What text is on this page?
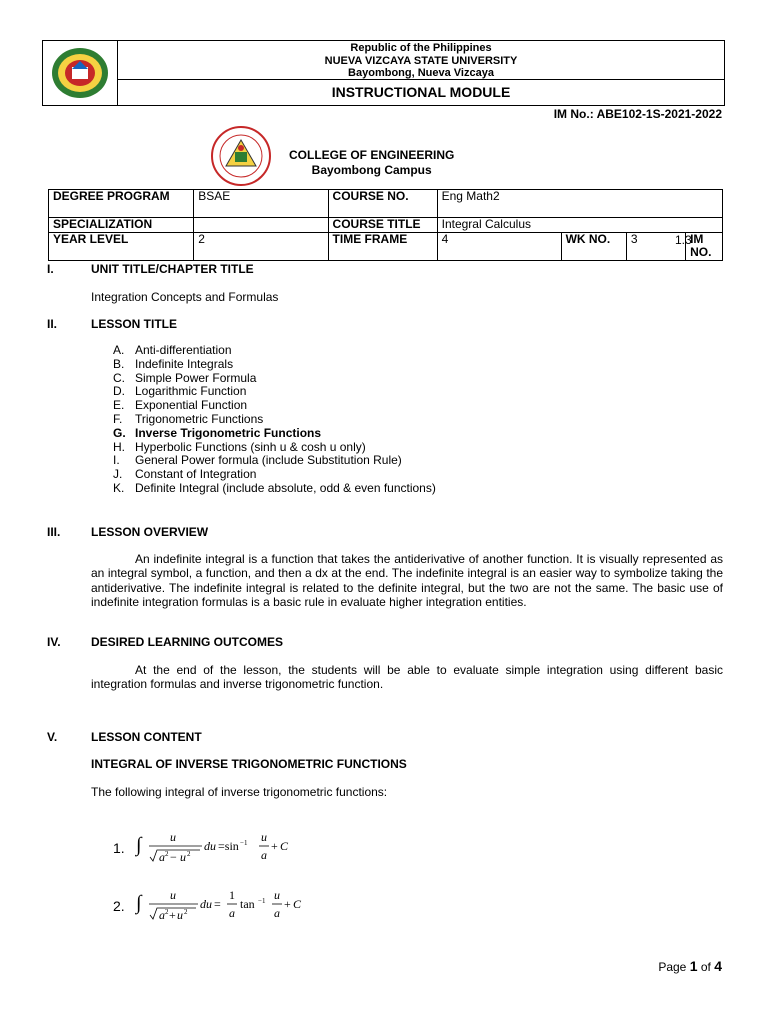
Republic of the Philippines
NUEVA VIZCAYA STATE UNIVERSITY
Bayombong, Nueva Vizcaya
INSTRUCTIONAL MODULE
IM No.: ABE102-1S-2021-2022
COLLEGE OF ENGINEERING
Bayombong Campus
DEGREE PROGRAM	BSAE	COURSE NO.	Eng Math2			
SPECIALIZATION		COURSE TITLE	Integral Calculus			
YEAR LEVEL	2	TIME FRAME	4	WK NO.	3	IM NO.
1.3
I.	UNIT TITLE/CHAPTER TITLE
Integration Concepts and Formulas
II.	LESSON TITLE
A. Anti-differentiation
B. Indefinite Integrals
C. Simple Power Formula
D. Logarithmic Function
E. Exponential Function
F. Trigonometric Functions
G. Inverse Trigonometric Functions
H. Hyperbolic Functions (sinh u & cosh u only)
I. General Power formula (include Substitution Rule)
J. Constant of Integration
K. Definite Integral (include absolute, odd & even functions)
III.	LESSON OVERVIEW
An indefinite integral is a function that takes the antiderivative of another function. It is visually represented as an integral symbol, a function, and then a dx at the end. The indefinite integral is an easier way to symbolize taking the antiderivative. The indefinite integral is related to the definite integral, but the two are not the same. The basic use of indefinite integration formulas is a basic rule in evaluate higher integration entities.
IV.	DESIRED LEARNING OUTCOMES
At the end of the lesson, the students will be able to evaluate simple integration using different basic integration formulas and inverse trigonometric function.
V.	LESSON CONTENT
INTEGRAL OF INVERSE TRIGONOMETRIC FUNCTIONS
The following integral of inverse trigonometric functions:
1. ∫ u
a 2 − u 2
du =sin −1 u
a
+ C
2. ∫ u
a 2 + u 2
du =
1
a
tan −1 u
a
+ C
Page 1 of 4
